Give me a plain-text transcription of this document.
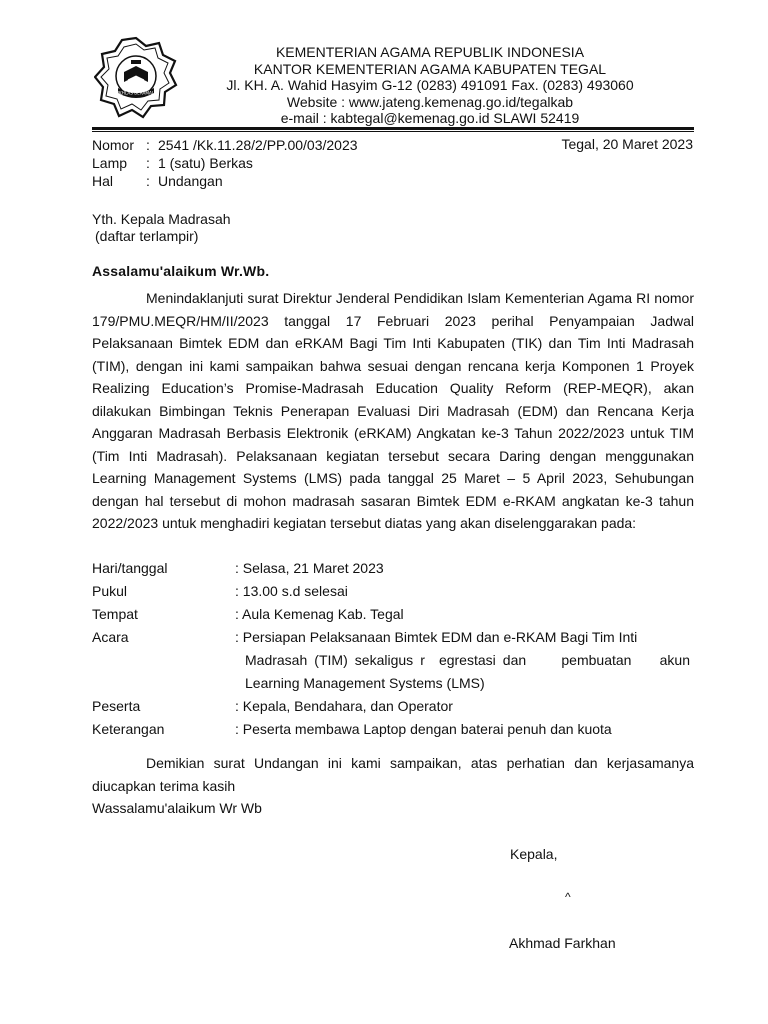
IKHLAS BERAMAL
KEMENTERIAN AGAMA REPUBLIK INDONESIA
KANTOR KEMENTERIAN AGAMA KABUPATEN TEGAL
Jl. KH. A. Wahid Hasyim G-12 (0283) 491091 Fax. (0283) 493060
Website : www.jateng.kemenag.go.id/tegalkab
e-mail : kabtegal@kemenag.go.id SLAWI 52419
Nomor : 2541 /Kk.11.28/2/PP.00/03/2023
Lamp	: 1 (satu) Berkas
Hal	: Undangan
Tegal, 20 Maret 2023
Yth. Kepala Madrasah
(daftar terlampir)
Assalamu'alaikum Wr.Wb.

Menindaklanjuti surat Direktur Jenderal Pendidikan Islam Kementerian Agama RI nomor 179/PMU.MEQR/HM/II/2023 tanggal 17 Februari 2023 perihal Penyampaian Jadwal Pelaksanaan Bimtek EDM dan eRKAM Bagi Tim Inti Kabupaten (TIK) dan Tim Inti Madrasah (TIM), dengan ini kami sampaikan bahwa sesuai dengan rencana kerja Komponen 1 Proyek Realizing Education’s Promise-Madrasah Education Quality Reform (REP-MEQR), akan dilakukan Bimbingan Teknis Penerapan Evaluasi Diri Madrasah (EDM) dan Rencana Kerja Anggaran Madrasah Berbasis Elektronik (eRKAM) Angkatan ke-3 Tahun 2022/2023 untuk TIM (Tim Inti Madrasah). Pelaksanaan kegiatan tersebut secara Daring dengan menggunakan Learning Management Systems (LMS) pada tanggal 25 Maret – 5 April 2023, Sehubungan dengan hal tersebut di mohon madrasah sasaran Bimtek EDM e-RKAM angkatan ke-3 tahun 2022/2023 untuk menghadiri kegiatan tersebut diatas yang akan diselenggarakan pada:

Hari/tanggal	: Selasa, 21 Maret 2023
Pukul	: 13.00 s.d selesai
Tempat	: Aula Kemenag Kab. Tegal
Acara	: Persiapan Pelaksanaan Bimtek EDM dan e-RKAM Bagi Tim Inti
Madrasah (TIM) sekaligus r  egrestasi dan     pembuatan    akun
Learning Management Systems (LMS)
Peserta	: Kepala, Bendahara, dan Operator
Keterangan	: Peserta membawa Laptop dengan baterai penuh dan kuota

Demikian surat Undangan ini kami sampaikan, atas perhatian dan kerjasamanya diucapkan terima kasih

Wassalamu'alaikum Wr Wb
Kepala,
^
Akhmad Farkhan
